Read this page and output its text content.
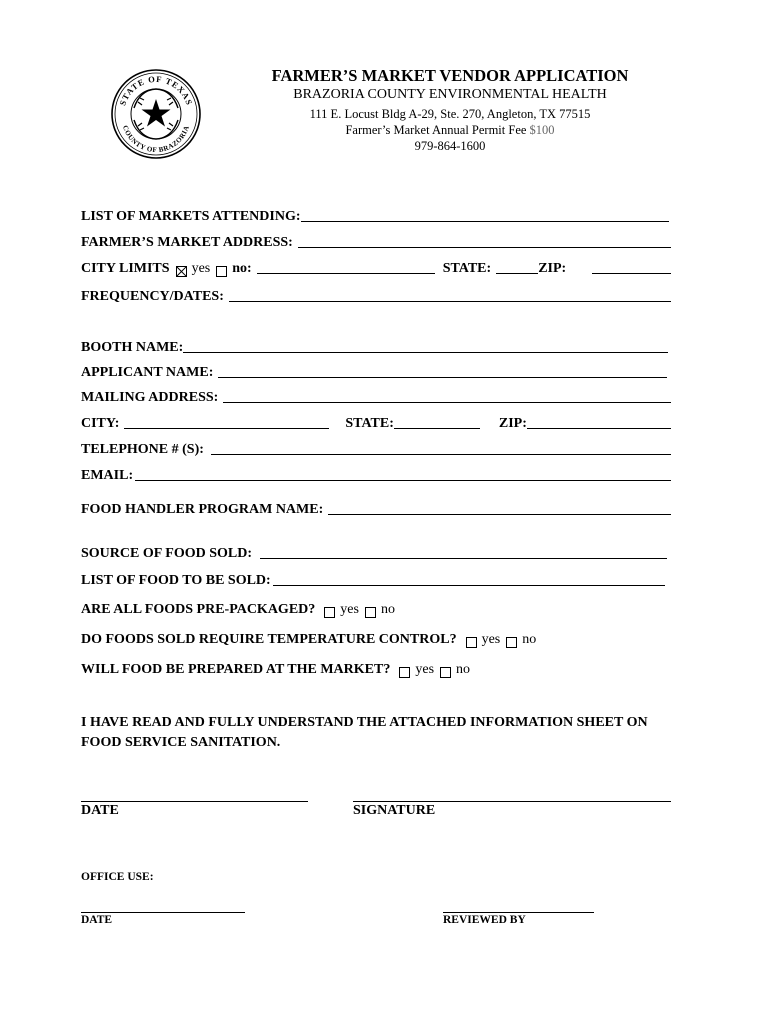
STATE OF TEXAS
COUNTY OF BRAZORIA
FARMER’S MARKET VENDOR APPLICATION
BRAZORIA COUNTY ENVIRONMENTAL HEALTH
111 E. Locust Bldg A-29, Ste. 270, Angleton, TX 77515
Farmer’s Market Annual Permit Fee $100
979-864-1600
LIST OF MARKETS ATTENDING:
FARMER’S MARKET ADDRESS:
CITY LIMITS yes	no:	STATE:	ZIP:
FREQUENCY/DATES:
BOOTH NAME:
APPLICANT NAME:
MAILING ADDRESS:
CITY:	STATE:	ZIP:
TELEPHONE # (S):
EMAIL:
FOOD HANDLER PROGRAM NAME:
SOURCE OF FOOD SOLD:
LIST OF FOOD TO BE SOLD:
ARE ALL FOODS PRE-PACKAGED? yes	no
DO FOODS SOLD REQUIRE TEMPERATURE CONTROL? yes	no
WILL FOOD BE PREPARED AT THE MARKET? yes	no
I HAVE READ AND FULLY UNDERSTAND THE ATTACHED INFORMATION SHEET ON FOOD SERVICE SANITATION.
DATE	SIGNATURE
OFFICE USE:
DATE	REVIEWED BY
